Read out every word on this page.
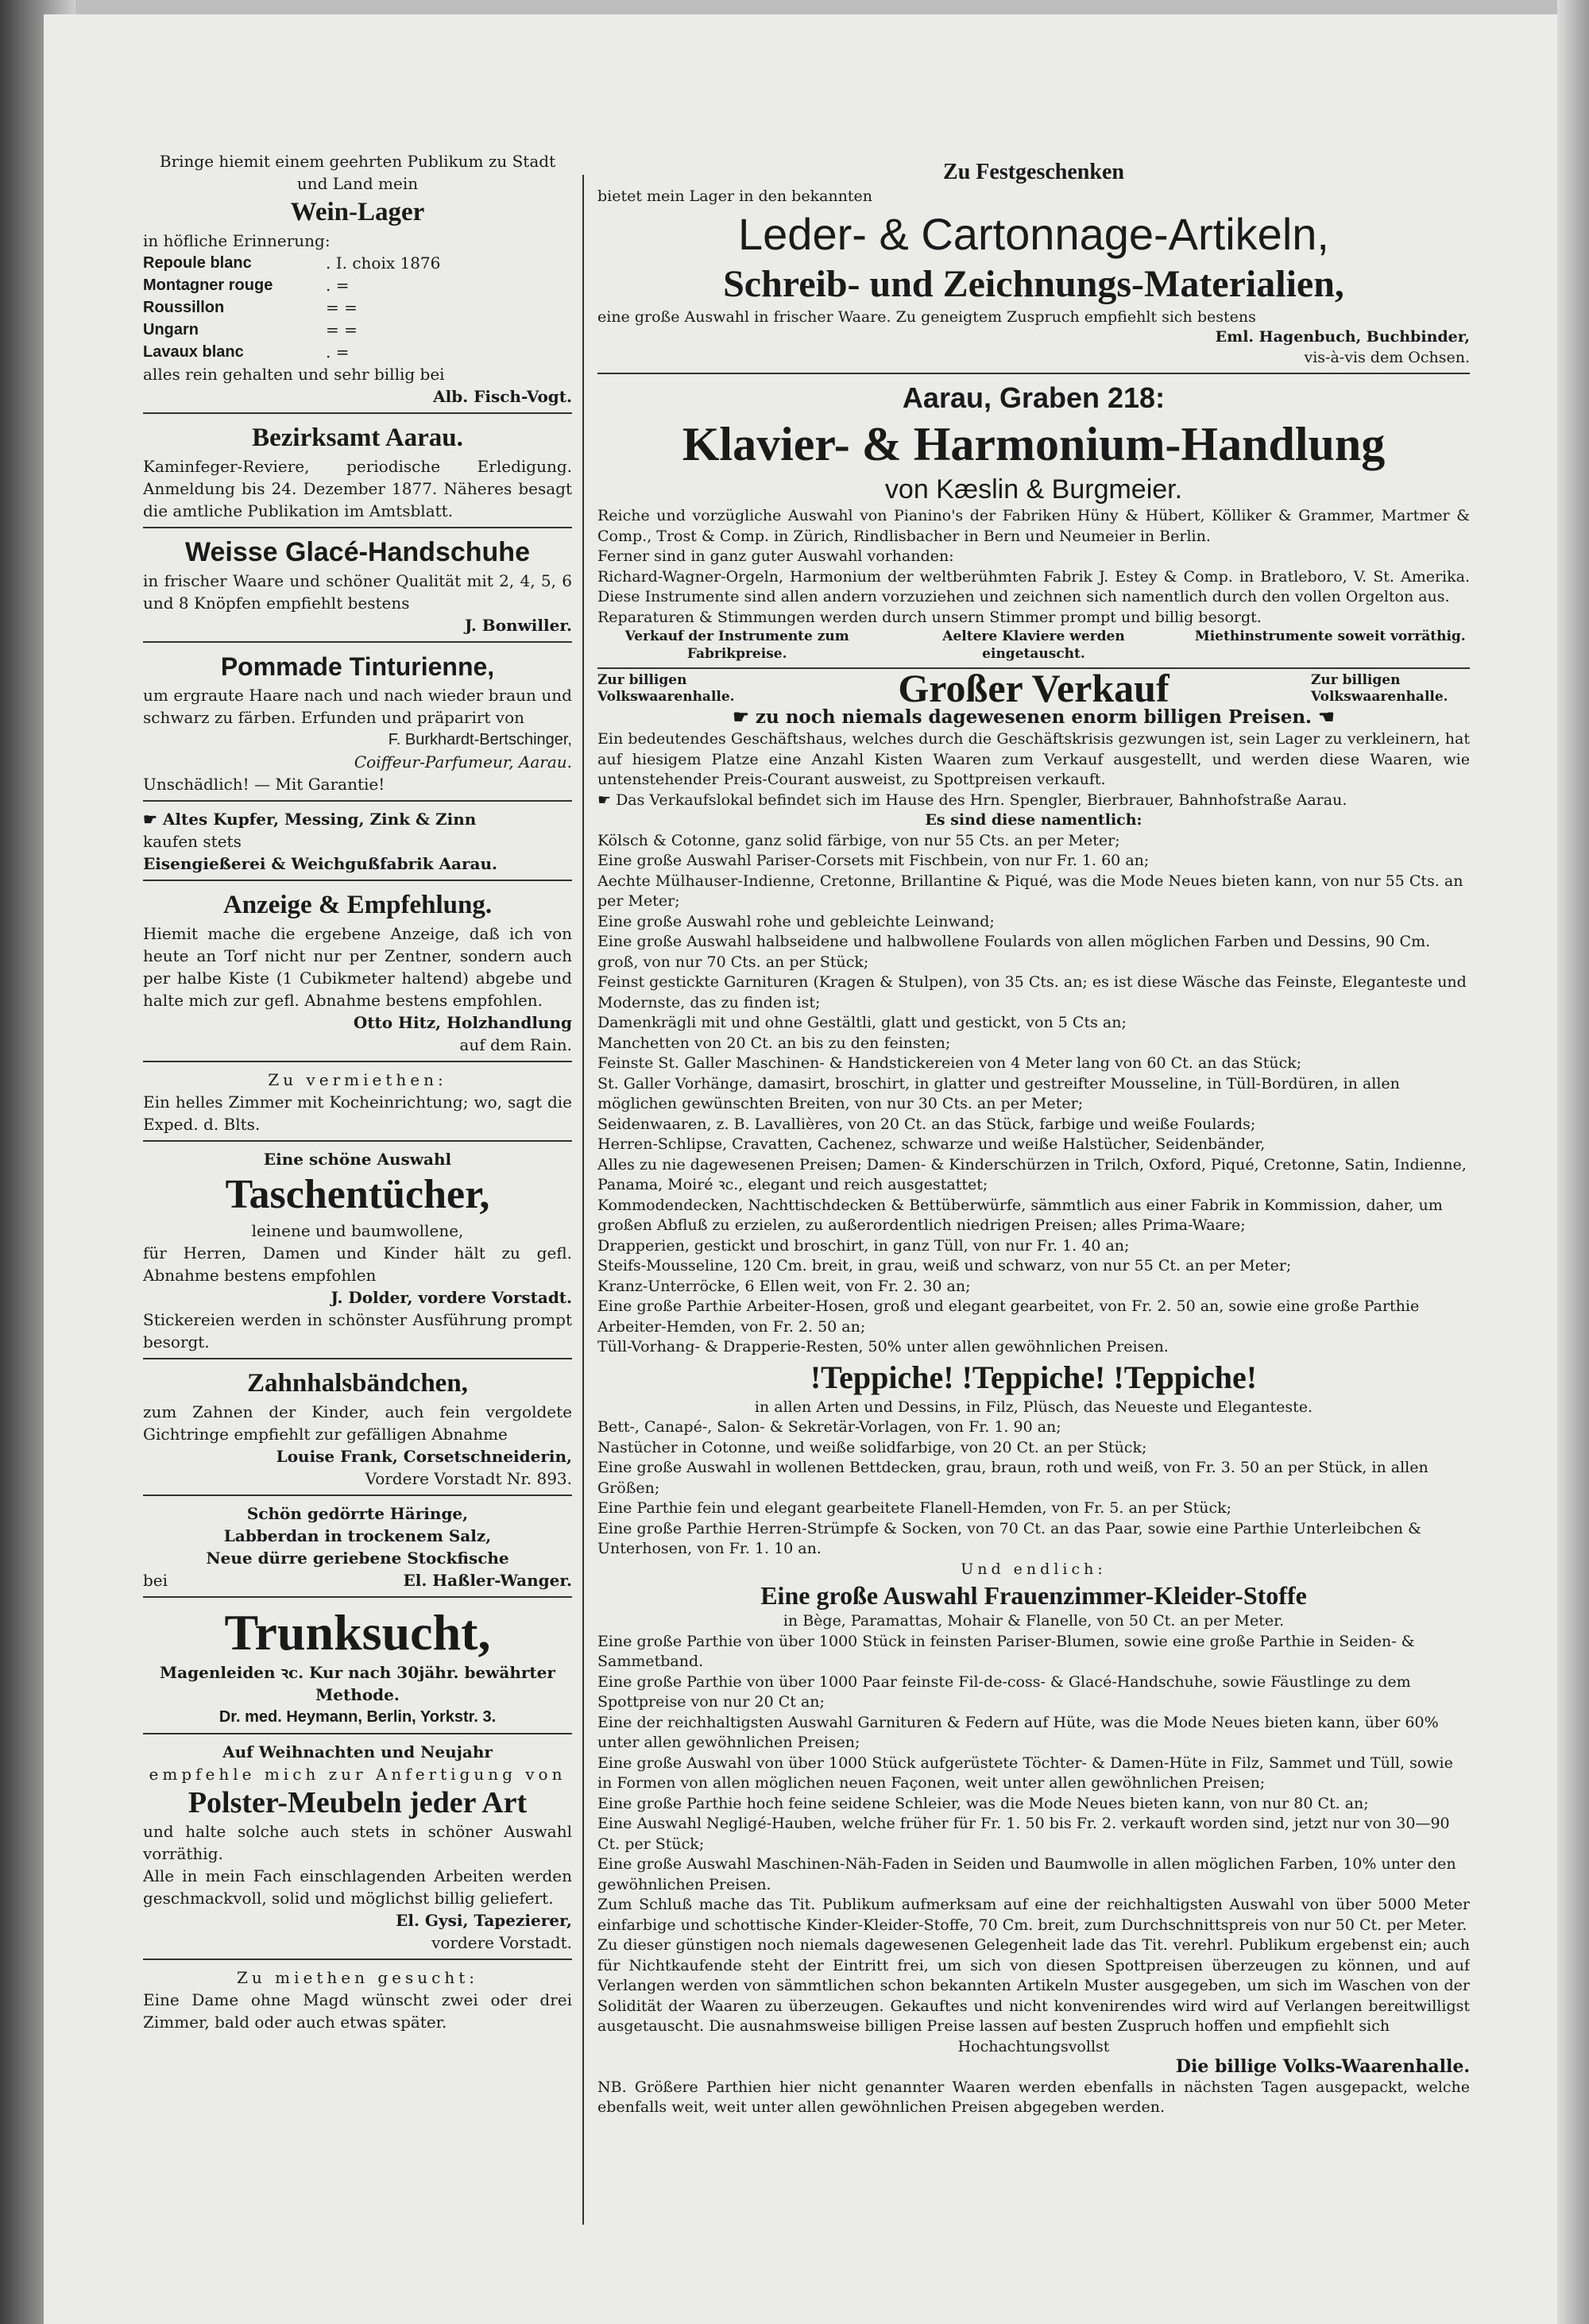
Bringe hiemit einem geehrten Publikum zu Stadt und Land mein

Wein-Lager

in höfliche Erinnerung:

Repoule blanc	. I. choix 1876
Montagner rouge	. =
Roussillon	= =
Ungarn	= =
Lavaux blanc	. =

alles rein gehalten und sehr billig bei

Alb. Fisch-Vogt.

Bezirksamt Aarau.

Kaminfeger-Reviere, periodische Erledigung. Anmeldung bis 24. Dezember 1877. Näheres besagt die amtliche Publikation im Amtsblatt.

Weisse Glacé-Handschuhe

in frischer Waare und schöner Qualität mit 2, 4, 5, 6 und 8 Knöpfen empfiehlt bestens

J. Bonwiller.

Pommade Tinturienne,

um ergraute Haare nach und nach wieder braun und schwarz zu färben. Erfunden und präparirt von

F. Burkhardt-Bertschinger,

Coiffeur-Parfumeur, Aarau.

Unschädlich! — Mit Garantie!

☛ Altes Kupfer, Messing, Zink & Zinn

kaufen stets

Eisengießerei & Weichgußfabrik Aarau.

Anzeige & Empfehlung.

Hiemit mache die ergebene Anzeige, daß ich von heute an Torf nicht nur per Zentner, sondern auch per halbe Kiste (1 Cubikmeter haltend) abgebe und halte mich zur gefl. Abnahme bestens empfohlen.

Otto Hitz, Holzhandlung

auf dem Rain.

Zu vermiethen:

Ein helles Zimmer mit Kocheinrichtung; wo, sagt die Exped. d. Blts.

Eine schöne Auswahl

Taschentücher,

leinene und baumwollene,

für Herren, Damen und Kinder hält zu gefl. Abnahme bestens empfohlen

J. Dolder, vordere Vorstadt.

Stickereien werden in schönster Ausführung prompt besorgt.

Zahnhalsbändchen,

zum Zahnen der Kinder, auch fein vergoldete Gichtringe empfiehlt zur gefälligen Abnahme

Louise Frank, Corsetschneiderin,

Vordere Vorstadt Nr. 893.

Schön gedörrte Häringe,

Labberdan in trockenem Salz,

Neue dürre geriebene Stockfische

bei	El. Haßler-Wanger.

Trunksucht,

Magenleiden ꝛc. Kur nach 30jähr. bewährter Methode.

Dr. med. Heymann, Berlin, Yorkstr. 3.

Auf Weihnachten und Neujahr

empfehle mich zur Anfertigung von

Polster-Meubeln jeder Art

und halte solche auch stets in schöner Auswahl vorräthig.

Alle in mein Fach einschlagenden Arbeiten werden geschmackvoll, solid und möglichst billig geliefert.

El. Gysi, Tapezierer,

vordere Vorstadt.

Zu miethen gesucht:

Eine Dame ohne Magd wünscht zwei oder drei Zimmer, bald oder auch etwas später.

Zu Festgeschenken

bietet mein Lager in den bekannten

Leder- & Cartonnage-Artikeln,

Schreib- und Zeichnungs-Materialien,

eine große Auswahl in frischer Waare. Zu geneigtem Zuspruch empfiehlt sich bestens

Eml. Hagenbuch, Buchbinder,

vis-à-vis dem Ochsen.

Aarau, Graben 218:

Klavier- & Harmonium-Handlung

von Kæslin & Burgmeier.

Reiche und vorzügliche Auswahl von Pianino's der Fabriken Hüny & Hübert, Kölliker & Grammer, Martmer & Comp., Trost & Comp. in Zürich, Rindlisbacher in Bern und Neumeier in Berlin.

Ferner sind in ganz guter Auswahl vorhanden:

Richard-Wagner-Orgeln, Harmonium der weltberühmten Fabrik J. Estey & Comp. in Bratleboro, V. St. Amerika. Diese Instrumente sind allen andern vorzuziehen und zeichnen sich namentlich durch den vollen Orgelton aus.

Reparaturen & Stimmungen werden durch unsern Stimmer prompt und billig besorgt.

Verkauf der Instrumente zum Fabrikpreise.
Aeltere Klaviere werden eingetauscht.
Miethinstrumente soweit vorräthig.
Zur billigen Volkswaarenhalle.	Großer Verkauf	Zur billigen Volkswaarenhalle.

☛ zu noch niemals dagewesenen enorm billigen Preisen. ☚

Ein bedeutendes Geschäftshaus, welches durch die Geschäftskrisis gezwungen ist, sein Lager zu verkleinern, hat auf hiesigem Platze eine Anzahl Kisten Waaren zum Verkauf ausgestellt, und werden diese Waaren, wie untenstehender Preis-Courant ausweist, zu Spottpreisen verkauft.

☛ Das Verkaufslokal befindet sich im Hause des Hrn. Spengler, Bierbrauer, Bahnhofstraße Aarau.

Es sind diese namentlich:

Kölsch & Cotonne, ganz solid färbige, von nur 55 Cts. an per Meter;

Eine große Auswahl Pariser-Corsets mit Fischbein, von nur Fr. 1. 60 an;

Aechte Mülhauser-Indienne, Cretonne, Brillantine & Piqué, was die Mode Neues bieten kann, von nur 55 Cts. an per Meter;

Eine große Auswahl rohe und gebleichte Leinwand;

Eine große Auswahl halbseidene und halbwollene Foulards von allen möglichen Farben und Dessins, 90 Cm. groß, von nur 70 Cts. an per Stück;

Feinst gestickte Garnituren (Kragen & Stulpen), von 35 Cts. an; es ist diese Wäsche das Feinste, Eleganteste und Modernste, das zu finden ist;

Damenkrägli mit und ohne Gestältli, glatt und gestickt, von 5 Cts an;

Manchetten von 20 Ct. an bis zu den feinsten;

Feinste St. Galler Maschinen- & Handstickereien von 4 Meter lang von 60 Ct. an das Stück;

St. Galler Vorhänge, damasirt, broschirt, in glatter und gestreifter Mousseline, in Tüll-Bordüren, in allen möglichen gewünschten Breiten, von nur 30 Cts. an per Meter;

Seidenwaaren, z. B. Lavallières, von 20 Ct. an das Stück, farbige und weiße Foulards;

Herren-Schlipse, Cravatten, Cachenez, schwarze und weiße Halstücher, Seidenbänder,

Alles zu nie dagewesenen Preisen; Damen- & Kinderschürzen in Trilch, Oxford, Piqué, Cretonne, Satin, Indienne, Panama, Moiré ꝛc., elegant und reich ausgestattet;

Kommodendecken, Nachttischdecken & Bettüberwürfe, sämmtlich aus einer Fabrik in Kommission, daher, um großen Abfluß zu erzielen, zu außerordentlich niedrigen Preisen; alles Prima-Waare;

Drapperien, gestickt und broschirt, in ganz Tüll, von nur Fr. 1. 40 an;

Steifs-Mousseline, 120 Cm. breit, in grau, weiß und schwarz, von nur 55 Ct. an per Meter;

Kranz-Unterröcke, 6 Ellen weit, von Fr. 2. 30 an;

Eine große Parthie Arbeiter-Hosen, groß und elegant gearbeitet, von Fr. 2. 50 an, sowie eine große Parthie Arbeiter-Hemden, von Fr. 2. 50 an;

Tüll-Vorhang- & Drapperie-Resten, 50% unter allen gewöhnlichen Preisen.

!Teppiche! !Teppiche! !Teppiche!

in allen Arten und Dessins, in Filz, Plüsch, das Neueste und Eleganteste.

Bett-, Canapé-, Salon- & Sekretär-Vorlagen, von Fr. 1. 90 an;

Nastücher in Cotonne, und weiße solidfarbige, von 20 Ct. an per Stück;

Eine große Auswahl in wollenen Bettdecken, grau, braun, roth und weiß, von Fr. 3. 50 an per Stück, in allen Größen;

Eine Parthie fein und elegant gearbeitete Flanell-Hemden, von Fr. 5. an per Stück;

Eine große Parthie Herren-Strümpfe & Socken, von 70 Ct. an das Paar, sowie eine Parthie Unterleibchen & Unterhosen, von Fr. 1. 10 an.

Und endlich:

Eine große Auswahl Frauenzimmer-Kleider-Stoffe

in Bège, Paramattas, Mohair & Flanelle, von 50 Ct. an per Meter.

Eine große Parthie von über 1000 Stück in feinsten Pariser-Blumen, sowie eine große Parthie in Seiden- & Sammetband.

Eine große Parthie von über 1000 Paar feinste Fil-de-coss- & Glacé-Handschuhe, sowie Fäustlinge zu dem Spottpreise von nur 20 Ct an;

Eine der reichhaltigsten Auswahl Garnituren & Federn auf Hüte, was die Mode Neues bieten kann, über 60% unter allen gewöhnlichen Preisen;

Eine große Auswahl von über 1000 Stück aufgerüstete Töchter- & Damen-Hüte in Filz, Sammet und Tüll, sowie in Formen von allen möglichen neuen Façonen, weit unter allen gewöhnlichen Preisen;

Eine große Parthie hoch feine seidene Schleier, was die Mode Neues bieten kann, von nur 80 Ct. an;

Eine Auswahl Negligé-Hauben, welche früher für Fr. 1. 50 bis Fr. 2. verkauft worden sind, jetzt nur von 30—90 Ct. per Stück;

Eine große Auswahl Maschinen-Näh-Faden in Seiden und Baumwolle in allen möglichen Farben, 10% unter den gewöhnlichen Preisen.

Zum Schluß mache das Tit. Publikum aufmerksam auf eine der reichhaltigsten Auswahl von über 5000 Meter einfarbige und schottische Kinder-Kleider-Stoffe, 70 Cm. breit, zum Durchschnittspreis von nur 50 Ct. per Meter.

Zu dieser günstigen noch niemals dagewesenen Gelegenheit lade das Tit. verehrl. Publikum ergebenst ein; auch für Nichtkaufende steht der Eintritt frei, um sich von diesen Spottpreisen überzeugen zu können, und auf Verlangen werden von sämmtlichen schon bekannten Artikeln Muster ausgegeben, um sich im Waschen von der Solidität der Waaren zu überzeugen. Gekauftes und nicht konvenirendes wird wird auf Verlangen bereitwilligst ausgetauscht. Die ausnahmsweise billigen Preise lassen auf besten Zuspruch hoffen und empfiehlt sich

Hochachtungsvollst

Die billige Volks-Waarenhalle.

NB. Größere Parthien hier nicht genannter Waaren werden ebenfalls in nächsten Tagen ausgepackt, welche ebenfalls weit, weit unter allen gewöhnlichen Preisen abgegeben werden.
